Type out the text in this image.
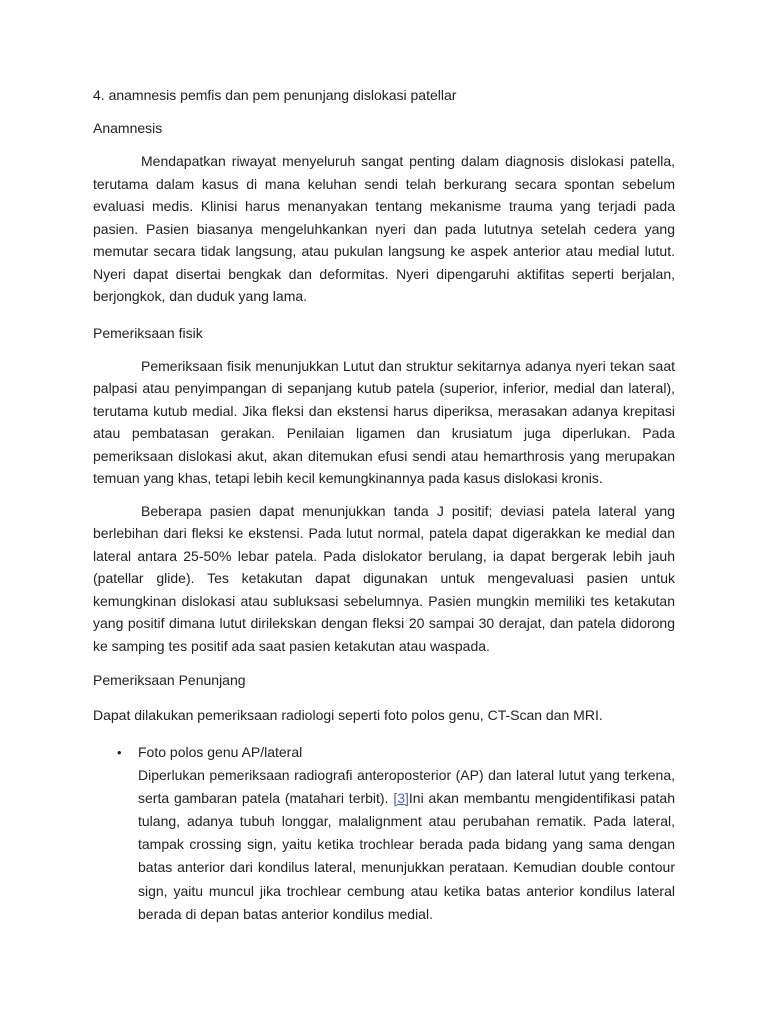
4. anamnesis pemfis dan pem penunjang dislokasi patellar

Anamnesis

Mendapatkan riwayat menyeluruh sangat penting dalam diagnosis dislokasi patella, terutama dalam kasus di mana keluhan sendi telah berkurang secara spontan sebelum evaluasi medis. Klinisi harus menanyakan tentang mekanisme trauma yang terjadi pada pasien. Pasien biasanya mengeluhkankan nyeri dan pada lututnya setelah cedera yang memutar secara tidak langsung, atau pukulan langsung ke aspek anterior atau medial lutut. Nyeri dapat disertai bengkak dan deformitas. Nyeri dipengaruhi aktifitas seperti berjalan, berjongkok, dan duduk yang lama.

Pemeriksaan fisik

Pemeriksaan fisik menunjukkan Lutut dan struktur sekitarnya adanya nyeri tekan saat palpasi atau penyimpangan di sepanjang kutub patela (superior, inferior, medial dan lateral), terutama kutub medial. Jika fleksi dan ekstensi harus diperiksa, merasakan adanya krepitasi atau pembatasan gerakan. Penilaian ligamen dan krusiatum juga diperlukan. Pada pemeriksaan dislokasi akut, akan ditemukan efusi sendi atau hemarthrosis yang merupakan temuan yang khas, tetapi lebih kecil kemungkinannya pada kasus dislokasi kronis.

Beberapa pasien dapat menunjukkan tanda J positif; deviasi patela lateral yang berlebihan dari fleksi ke ekstensi. Pada lutut normal, patela dapat digerakkan ke medial dan lateral antara 25-50% lebar patela. Pada dislokator berulang, ia dapat bergerak lebih jauh (patellar glide). Tes ketakutan dapat digunakan untuk mengevaluasi pasien untuk kemungkinan dislokasi atau subluksasi sebelumnya. Pasien mungkin memiliki tes ketakutan yang positif dimana lutut dirilekskan dengan fleksi 20 sampai 30 derajat, dan patela didorong ke samping tes positif ada saat pasien ketakutan atau waspada.

Pemeriksaan Penunjang

Dapat dilakukan pemeriksaan radiologi seperti foto polos genu, CT-Scan dan MRI.

• Foto polos genu AP/lateral

Diperlukan pemeriksaan radiografi anteroposterior (AP) dan lateral lutut yang terkena, serta gambaran patela (matahari terbit). [3]Ini akan membantu mengidentifikasi patah tulang, adanya tubuh longgar, malalignment atau perubahan rematik. Pada lateral, tampak crossing sign, yaitu ketika trochlear berada pada bidang yang sama dengan batas anterior dari kondilus lateral, menunjukkan perataan. Kemudian double contour sign, yaitu muncul jika trochlear cembung atau ketika batas anterior kondilus lateral berada di depan batas anterior kondilus medial.
